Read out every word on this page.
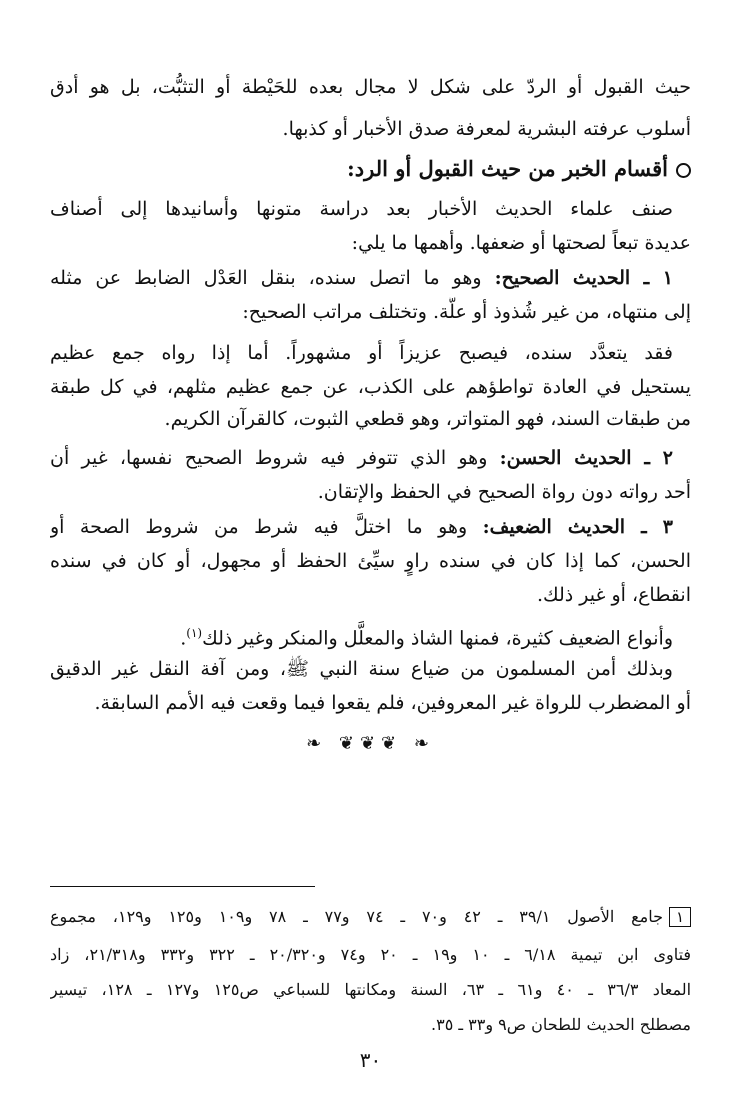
حيث القبول أو الردّ على شكل لا مجال بعده للحَيْطة أو التثبُّت، بل هو أدق
أسلوب عرفته البشرية لمعرفة صدق الأخبار أو كذبها.
أقسام الخبر من حيث القبول أو الرد:
صنف علماء الحديث الأخبار بعد دراسة متونها وأسانيدها إلى أصناف
عديدة تبعاً لصحتها أو ضعفها. وأهمها ما يلي:
١ ـ الحديث الصحيح: وهو ما اتصل سنده، بنقل العَدْل الضابط عن مثله
إلى منتهاه، من غير شُذوذ أو علَّة. وتختلف مراتب الصحيح:
فقد يتعدَّد سنده، فيصبح عزيزاً أو مشهوراً. أما إذا رواه جمع عظيم
يستحيل في العادة تواطؤهم على الكذب، عن جمع عظيم مثلهم، في كل طبقة
من طبقات السند، فهو المتواتر، وهو قطعي الثبوت، كالقرآن الكريم.
٢ ـ الحديث الحسن: وهو الذي تتوفر فيه شروط الصحيح نفسها، غير أن
أحد رواته دون رواة الصحيح في الحفظ والإتقان.
٣ ـ الحديث الضعيف: وهو ما اختلَّ فيه شرط من شروط الصحة أو
الحسن، كما إذا كان في سنده راوٍ سيِّئ الحفظ أو مجهول، أو كان في سنده
انقطاع، أو غير ذلك.
وأنواع الضعيف كثيرة، فمنها الشاذ والمعلَّل والمنكر وغير ذلك$^{(١)}$.
وبذلك أمن المسلمون من ضياع سنة النبي ﷺ، ومن آفة النقل غير الدقيق
أو المضطرب للرواة غير المعروفين، فلم يقعوا فيما وقعت فيه الأمم السابقة.
❧ ❦❦❦ ❧
١جامع الأصول ٣٩/١ ـ ٤٢ و٧٠ ـ ٧٤ و٧٧ ـ ٧٨ و١٠٩ و١٢٥ و١٢٩، مجموع
فتاوى ابن تيمية ٦/١٨ ـ ١٠ و١٩ ـ ٢٠ و٧٤ و٢٠/٣٢٠ ـ ٣٢٢ و٣٣٢ و٢١/٣١٨، زاد
المعاد ٣٦/٣ ـ ٤٠ و٦١ ـ ٦٣، السنة ومكانتها للسباعي ص١٢٥ و١٢٧ ـ ١٢٨، تيسير
مصطلح الحديث للطحان ص٩ و٣٣ ـ ٣٥.
٣٠
